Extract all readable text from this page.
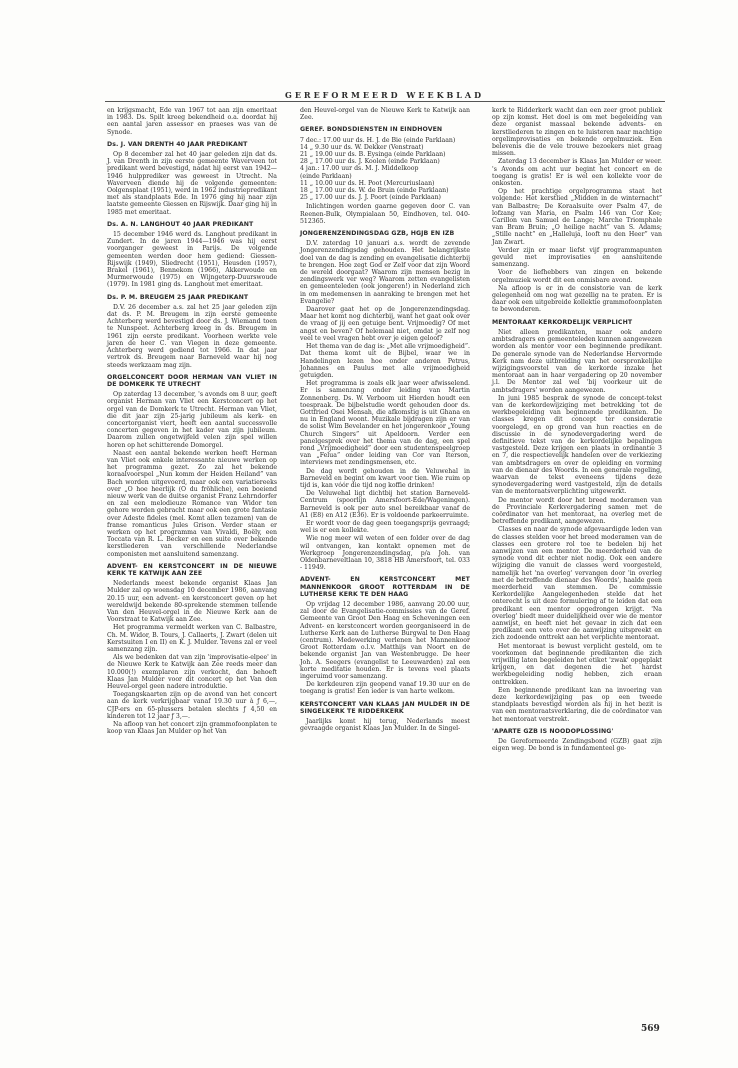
GEREFORMEERD WEEKBLAD

en krijgsmacht, Ede van 1967 tot aan zijn emeritaat in 1983. Ds. Spilt kreeg bekendheid o.a. doordat hij een aantal jaren assessor en praeses was van de Synode.

Ds. J. VAN DRENTH 40 JAAR PREDIKANT

Op 8 december zal het 40 jaar geleden zijn dat ds. J. van Drenth in zijn eerste gemeente Waverveen tot predikant werd bevestigd, nadat hij eerst van 1942—1946 hulpprediker was geweest in Utrecht. Na Waverveen diende hij de volgende gemeenten: Oolgensplaat (1951), werd in 1962 industriepredikant met als standplaats Ede. In 1976 ging hij naar zijn laatste gemeente Giessen en Rijswijk. Daar ging hij in 1985 met emeritaat.

Ds. A. N. LANGHOUT 40 JAAR PREDIKANT

15 december 1946 werd ds. Langhout predikant in Zundert. In de jaren 1944—1946 was hij eerst voorganger geweest in Parijs. De volgende gemeenten werden door hem gediend: Giessen-Rijswijk (1949), Sliedrecht (1951), Heusden (1957), Brakel (1961), Bennekom (1966), Akkerwoude en Murmerwoude (1975) en Wijngeterp-Duurswoude (1979). In 1981 ging ds. Langhout met emeritaat.

Ds. P. M. BREUGEM 25 JAAR PREDIKANT

D.V. 26 december a.s. zal het 25 jaar geleden zijn dat ds. P. M. Breugem in zijn eerste gemeente Achterberg werd bevestigd door ds. J. Wiemand toen te Nunspeet. Achterberg kreeg in ds. Breugem in 1961 zijn eerste predikant. Voorheen werkte vele jaren de heer C. van Viegen in deze gemeente. Achterberg werd gediend tot 1966. In dat jaar vertrok ds. Breugem naar Barneveld waar hij nog steeds werkzaam mag zijn.

ORGELCONCERT DOOR HERMAN VAN VLIET IN DE DOMKERK TE UTRECHT

Op zaterdag 13 december, 's avonds om 8 uur, geeft organist Herman van Vliet een Kerstconcert op het orgel van de Domkerk te Utrecht. Herman van Vliet, die dit jaar zijn 25-jarig jubileum als kerk- en concertorganist viert, heeft een aantal successvolle concerten gegeven in het kader van zijn jubileum. Daarom zullen ongetwijfeld velen zijn spel willen horen op het schitterende Domorgel.

Naast een aantal bekende werken heeft Herman van Vliet ook enkele interessante nieuwe werken op het programma gezet. Zo zal het bekende koraalvoorspel „Nun komm der Heiden Heiland” van Bach worden uitgevoerd, maar ook een variatiereeks over „O hoe heerlijk (O du fröhliche), een boeiend nieuw werk van de duitse organist Franz Lehrndorfer en zal een melodieuze Romance van Widor ten gehore worden gebracht maar ook een grote fantasie over Adeste fideles (mel. Komt allen tezamen) van de franse romanticus Jules Grison. Verder staan er werken op het programma van Vivaldi, Boëly, een Toccata van R. L. Becker en een suite over bekende kerstliederen van verschillende Nederlandse componisten met aansluitend samenzang.

ADVENT- EN KERSTCONCERT IN DE NIEUWE KERK TE KATWIJK AAN ZEE

Nederlands meest bekende organist Klaas Jan Mulder zal op woensdag 10 december 1986, aanvang 20.15 uur, een advent- en kerstconcert geven op het wereldwijd bekende 80-sprekende stemmen tellende Van den Heuvel-orgel in de Nieuwe Kerk aan de Voorstraat te Katwijk aan Zee.

Het programma vermeldt werken van C. Balbastre, Ch. M. Widor, B. Tours, J. Callaerts, J. Zwart (delen uit Kerstsuiten I en II) en K. J. Mulder. Tevens zal er veel samenzang zijn.

Als we bedenken dat van zijn 'improvisatie-elpee' in de Nieuwe Kerk te Katwijk aan Zee reeds meer dan 10.000(!) exemplaren zijn verkocht, dan behoeft Klaas Jan Mulder voor dit concert op het Van den Heuvel-orgel geen nadere introduktie.

Toegangskaarten zijn op de avond van het concert aan de kerk verkrijgbaar vanaf 19.30 uur à ƒ 6,—, CJP-ers en 65-plussers betalen slechts ƒ 4,50 en kinderen tot 12 jaar ƒ 3,—.

Na afloop van het concert zijn grammofoonplaten te koop van Klaas Jan Mulder op het Van

den Heuvel-orgel van de Nieuwe Kerk te Katwijk aan Zee.

GEREF. BONDSDIENSTEN IN EINDHOVEN
7 dec.: 17.00 uur ds. H. J. de Bie (einde Parklaan)
14 „ 9.30 uur ds. W. Dekker (Venstraat)
21 „ 19.00 uur ds. B. Eysinga (einde Parklaan)
28 „ 17.00 uur ds. J. Koolen (einde Parklaan)
4 jan.: 17.00 uur ds. M. J. Middelkoop
(einde Parklaan)
11 „ 10.00 uur ds. H. Poot (Mercuriuslaan)
18 „ 17.00 uur ds. W. de Bruin (einde Parklaan)
25 „ 17.00 uur ds. J. J. Poort (einde Parklaan)

Inlichtingen worden gaarne gegeven door C. van Reenen-Bulk, Olympialaan 50, Eindhoven, tel. 040-512365.

JONGERENZENDINGSDAG GZB, HGJB EN IZB

D.V. zaterdag 10 januari a.s. wordt de zevende Jongerenzendingsdag gehouden. Het belangrijkste doel van de dag is zending en evangelisatie dichterbij te brengen. Hoe zegt God er Zelf voor dat zijn Woord de wereld doorgaat? Waarom zijn mensen bezig in zendingswerk ver weg? Waarom zetten evangelisten en gemeenteleden (ook jongeren!) in Nederland zich in om medemensen in aanraking te brengen met het Evangelie?

Daarover gaat het op de Jongerenzendingsdag. Maar het komt nog dichterbij, want het gaat ook over de vraag of jij een getuige bent. Vrijmoedig? Of met angst en beven? Of helemaal niet, omdat je zelf nog veel te veel vragen hebt over je eigen geloof?

Het thema van de dag is: „Met alle vrijmoedigheid”. Dat thema komt uit de Bijbel, waar we in Handelingen lezen hoe onder anderen Petrus, Johannes en Paulus met alle vrijmoedigheid getuigden.

Het programma is zoals elk jaar weer afwisselend. Er is samenzang onder leiding van Martin Zonnenberg. Ds. W. Verboom uit Hierden houdt een toespraak. De bijbelstudie wordt gehouden door ds. Gottfried Osei Mensah, die afkomstig is uit Ghana en nu in England woont. Muzikale bijdragen zijn er van de solist Wim Bevelander en het jongerenkoor „Young Church Singers” uit Apeldoorn. Verder een panelgesprek over het thema van de dag, een spel rond „Vrijmoedigheid” door een studentenspeelgroep van „Felua” onder leiding van Cor van Iterson, interviews met zendingsmensen, etc.

De dag wordt gehouden in de Veluwehal in Barneveld en begint om kwart voor tien. Wie ruim op tijd is, kan vóór die tijd nog koffie drinken!

De Veluwehal ligt dichtbij het station Barneveld-Centrum (spoorlijn Amersfoort-Ede/Wageningen). Barneveld is ook per auto snel bereikbaar vanaf de A1 (E8) en A12 (E36). Er is voldoende parkeerruimte.

Er wordt voor de dag geen toegangsprijs gevraagd; wel is er een kollekte.

Wie nog meer wil weten of een folder over de dag wil ontvangen, kan kontakt opnemen met de Werkgroep Jongerenzendingsdag, p/a Joh. van Oldenbarneveltlaan 10, 3818 HB Amersfoort, tel. 033 - 11949.

ADVENT- EN KERSTCONCERT MET MANNENKOOR GROOT ROTTERDAM IN DE LUTHERSE KERK TE DEN HAAG

Op vrijdag 12 december 1986, aanvang 20.00 uur, zal door de Evangelisatie-commissies van de Geref. Gemeente van Groot Den Haag en Scheveningen een Advent- en kerstconcert worden georganiseerd in de Lutherse Kerk aan de Lutherse Burgwal te Den Haag (centrum). Medewerking verlenen het Mannenkoor Groot Rotterdam o.l.v. Matthijs van Noort en de bekende organist Jan van Westenbrugge. De heer Joh. A. Seegers (evangelist te Leeuwarden) zal een korte meditatie houden. Er is tevens veel plaats ingeruimd voor samenzang.

De kerkdeuren zijn geopend vanaf 19.30 uur en de toegang is gratis! Een ieder is van harte welkom.

KERSTCONCERT VAN KLAAS JAN MULDER IN DE SINGELKERK TE RIDDERKERK

Jaarlijks komt hij terug, Nederlands meest gevraagde organist Klaas Jan Mulder. In de Singel-

kerk te Ridderkerk wacht dan een zeer groot publiek op zijn komst. Het doel is om met begeleiding van deze organist massaal bekende advents- en kerstliederen te zingen en te luisteren naar machtige orgelimprovisaties en bekende orgelmuziek. Een belevenis die de vele trouwe bezoekers niet graag missen.

Zaterdag 13 december is Klaas Jan Mulder er weer. 's Avonds om acht uur begint het concert en de toegang is gratis! Er is wel een kollekte voor de onkosten.

Op het prachtige orgelprogramma staat het volgende: Het kerstlied „Midden in de winternacht” van Balbastre; De Koraalsuite over Psalm 47, de lofzang van Maria, en Psalm 146 van Cor Kee; Carillon van Samuel de Lange; Marche Triomphale van Bram Bruin; „O heilige nacht” van S. Adams; „Stille nacht” en „Halleluja, looft nu den Heer” van Jan Zwart.

Verder zijn er maar liefst vijf programmapunten gevuld met improvisaties en aansluitende samenzang.

Voor de liefhebbers van zingen en bekende orgelmuziek wordt dit een onmisbare avond.

Na afloop is er in de consistorie van de kerk gelegenheid om nog wat gezellig na te praten. Er is daar ook een uitgebreide kollektie grammofoonplaten te bewonderen.

MENTORAAT KERKORDELIJK VERPLICHT

Niet alleen predikanten, maar ook andere ambtsdragers en gemeenteleden kunnen aangewezen worden als mentor voor een beginnende predikant. De generale synode van de Nederlandse Hervormde Kerk nam deze uitbreiding van het oorspronkelijke wijzigingsvoorstel van de kerkorde inzake het mentoraat aan in haar vergadering op 20 november j.l. De Mentor zal wel 'bij voorkeur uit de ambtsdragers' worden aangewezen.

In juni 1985 besprak de synode de concept-tekst van de kerkordewijziging met betrekking tot de werkbegeleiding van beginnende predikanten. De classes kregen dit concept ter consideratie voorgelegd, en op grond van hun reacties en de discussie in de synodevergadering werd de definitieve tekst van de kerkordelijke bepalingen vastgesteld. Deze krijgen een plaats in ordinantie 3 en 7, die respectievelijk handelen over de verkiezing van ambtsdragers en over de opleiding en vorming van de dienaar des Woords. In een generale regeling, waarvan de tekst eveneens tijdens deze synodevergadering werd vastgesteld, zijn de details van de mentoraatsverplichting uitgewerkt.

De mentor wordt door het breed moderamen van de Provinciale Kerkvergadering samen met de coördinator van het mentoraat, na overleg met de betreffende predikant, aangewezen.

Classes en naar de synode afgevaardigde leden van de classes stelden voor het breed moderamen van de classes een grotere rol toe te bedelen bij het aanwijzen van een mentor. De meerderheid van de synode vond dit echter niet nodig. Ook een andere wijziging die vanuit de classes werd voorgesteld, namelijk het 'na overleg' vervangen door 'in overleg met de betreffende dienaar des Woords', haalde geen meerderheid van stemmen. De commissie Kerkordelijke Aangelegenheden stelde dat het onterecht is uit deze formulering af te leiden dat een predikant een mentor opgedrongen krijgt. 'Na overleg' biedt meer duidelijkheid over wie de mentor aanwijst, en heeft niet het gevaar in zich dat een predikant een veto over de aanwijzing uitspreekt en zich zodoende onttrekt aan het verplichte mentoraat.

Het mentoraat is bewust verplicht gesteld, om te voorkomen dat beginnende predikanten die zich vrijwillig laten begeleiden het etiket 'zwak' opgeplakt krijgen, en dat degenen die het hardst werkbegeleiding nodig hebben, zich eraan onttrekken.

Een beginnende predikant kan na invoering van deze kerkordewijziging pas op een tweede standplaats bevestigd worden als hij in het bezit is van een mentoraatsverklaring, die de coördinator van het mentoraat verstrekt.

'APARTE GZB IS NOODOPLOSSING'

De Gereformeerde Zendingsbond (GZB) gaat zijn eigen weg. De bond is in fundamenteel ge-

569
